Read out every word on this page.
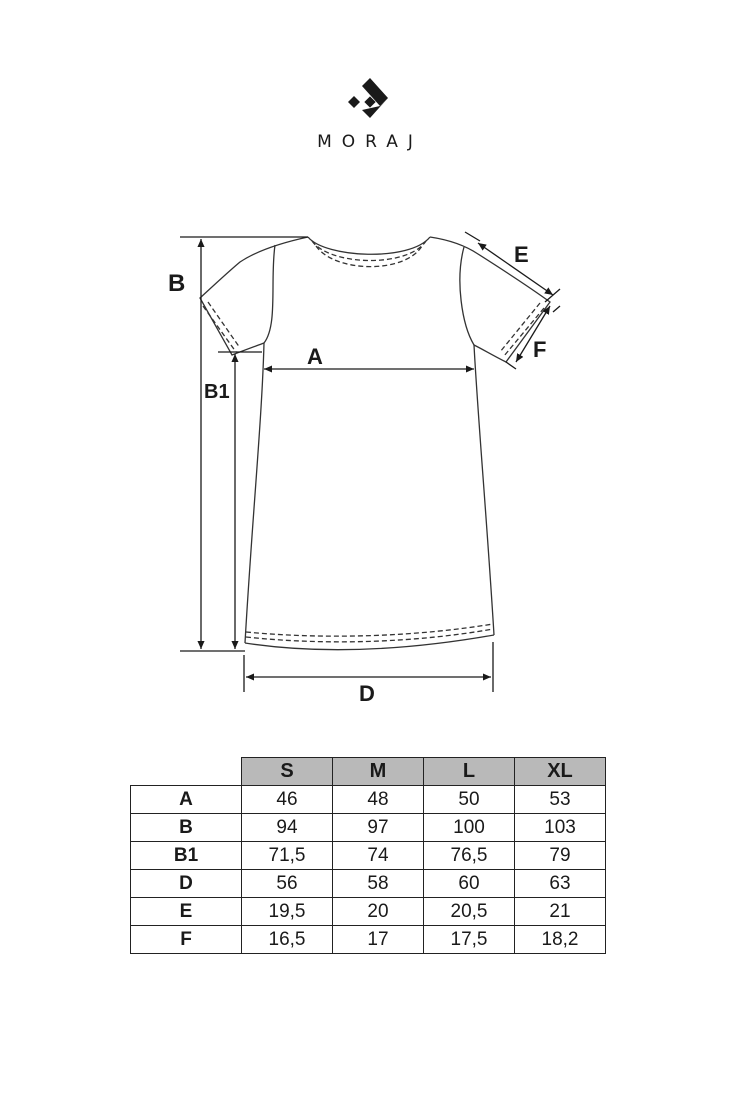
MORAJ
B
B1
A
D
E
F
	S	M	L	XL
A	46	48	50	53
B	94	97	100	103
B1	71,5	74	76,5	79
D	56	58	60	63
E	19,5	20	20,5	21
F	16,5	17	17,5	18,2
